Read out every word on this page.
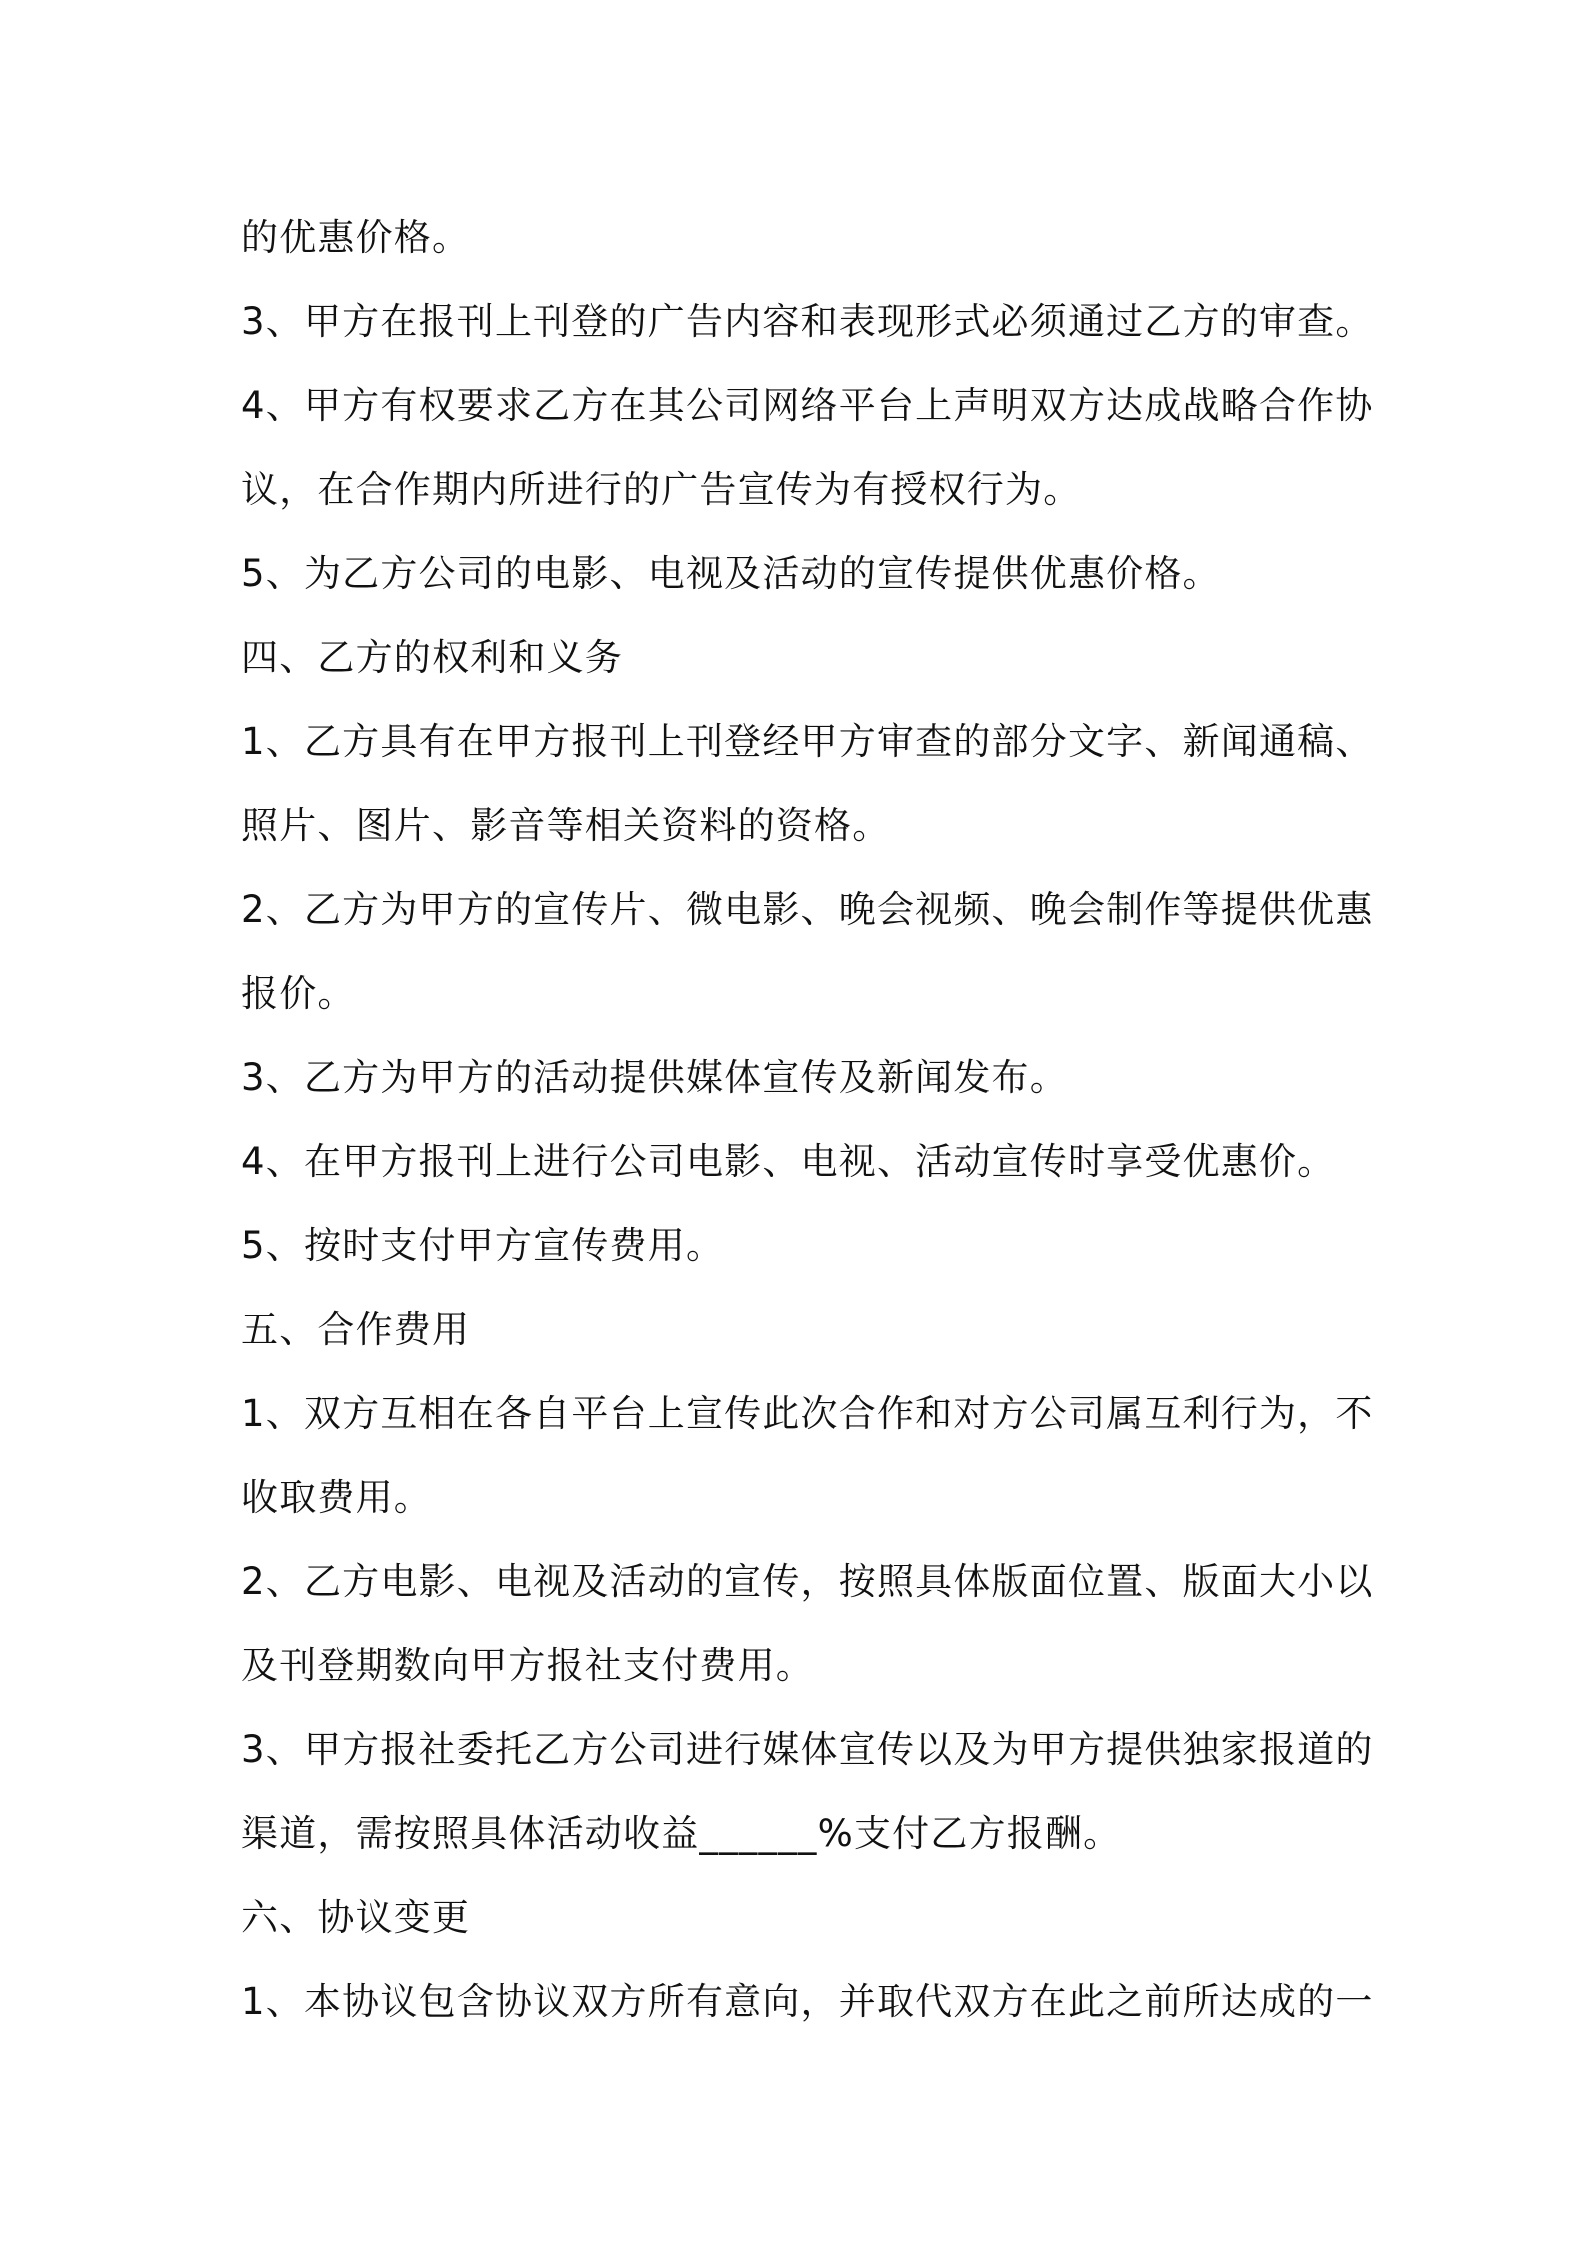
的优惠价格。
3、甲方在报刊上刊登的广告内容和表现形式必须通过乙方的审查。
4、甲方有权要求乙方在其公司网络平台上声明双方达成战略合作协
议，在合作期内所进行的广告宣传为有授权行为。
5、为乙方公司的电影、电视及活动的宣传提供优惠价格。
四、乙方的权利和义务
1、乙方具有在甲方报刊上刊登经甲方审查的部分文字、新闻通稿、
照片、图片、影音等相关资料的资格。
2、乙方为甲方的宣传片、微电影、晚会视频、晚会制作等提供优惠
报价。
3、乙方为甲方的活动提供媒体宣传及新闻发布。
4、在甲方报刊上进行公司电影、电视、活动宣传时享受优惠价。
5、按时支付甲方宣传费用。
五、合作费用
1、双方互相在各自平台上宣传此次合作和对方公司属互利行为，不
收取费用。
2、乙方电影、电视及活动的宣传，按照具体版面位置、版面大小以
及刊登期数向甲方报社支付费用。
3、甲方报社委托乙方公司进行媒体宣传以及为甲方提供独家报道的
渠道，需按照具体活动收益______%支付乙方报酬。
六、协议变更
1、本协议包含协议双方所有意向，并取代双方在此之前所达成的一
